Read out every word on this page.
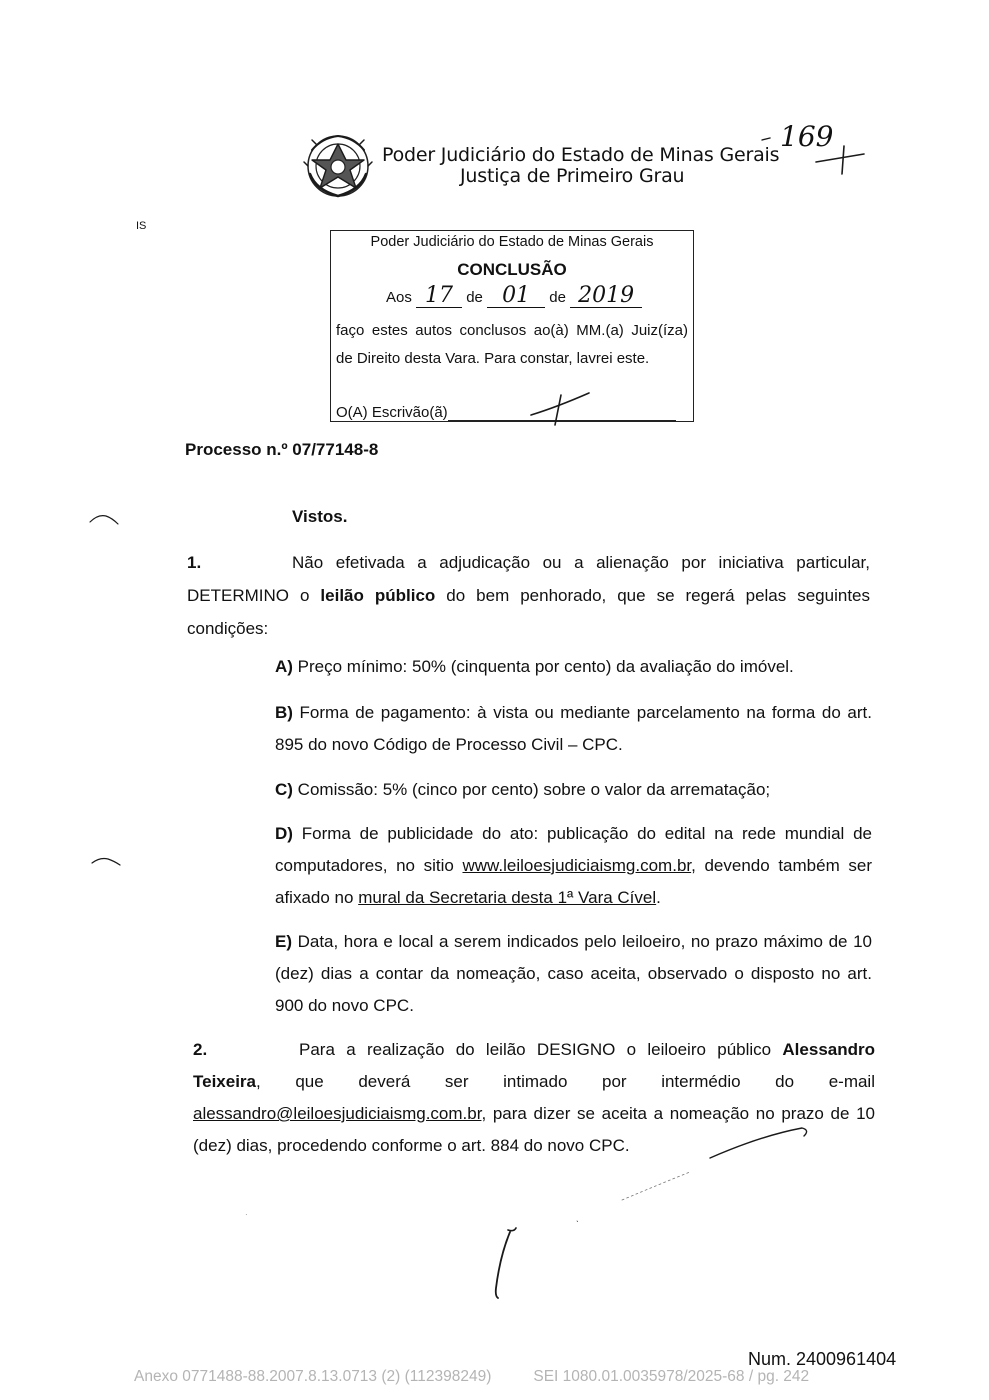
Poder Judiciário do Estado de Minas Gerais
Justiça de Primeiro Grau
169
IS
Poder Judiciário do Estado de Minas Gerais
CONCLUSÃO
Aos 17 de 01 de 2019
faço estes autos conclusos ao(à) MM.(a) Juiz(íza) de Direito desta Vara. Para constar, lavrei este.
O(A) Escrivão(ã)
Processo n.º 07/77148-8
Vistos.
1.	Não efetivada a adjudicação ou a alienação por iniciativa particular, DETERMINO o leilão público do bem penhorado, que se regerá pelas seguintes condições:
A) Preço mínimo: 50% (cinquenta por cento) da avaliação do imóvel.
B) Forma de pagamento: à vista ou mediante parcelamento na forma do art. 895 do novo Código de Processo Civil – CPC.
C) Comissão: 5% (cinco por cento) sobre o valor da arrematação;
D) Forma de publicidade do ato: publicação do edital na rede mundial de computadores, no sitio www.leiloesjudiciaismg.com.br, devendo também ser afixado no mural da Secretaria desta 1ª Vara Cível.
E) Data, hora e local a serem indicados pelo leiloeiro, no prazo máximo de 10 (dez) dias a contar da nomeação, caso aceita, observado o disposto no art. 900 do novo CPC.
2.	Para a realização do leilão DESIGNO o leiloeiro público Alessandro Teixeira, que deverá ser intimado por intermédio do e-mail alessandro@leiloesjudiciaismg.com.br, para dizer se aceita a nomeação no prazo de 10 (dez) dias, procedendo conforme o art. 884 do novo CPC.
·	ˎ
Num. 2400961404
Anexo 0771488-88.2007.8.13.0713 (2) (112398249)	SEI 1080.01.0035978/2025-68 / pg. 242
